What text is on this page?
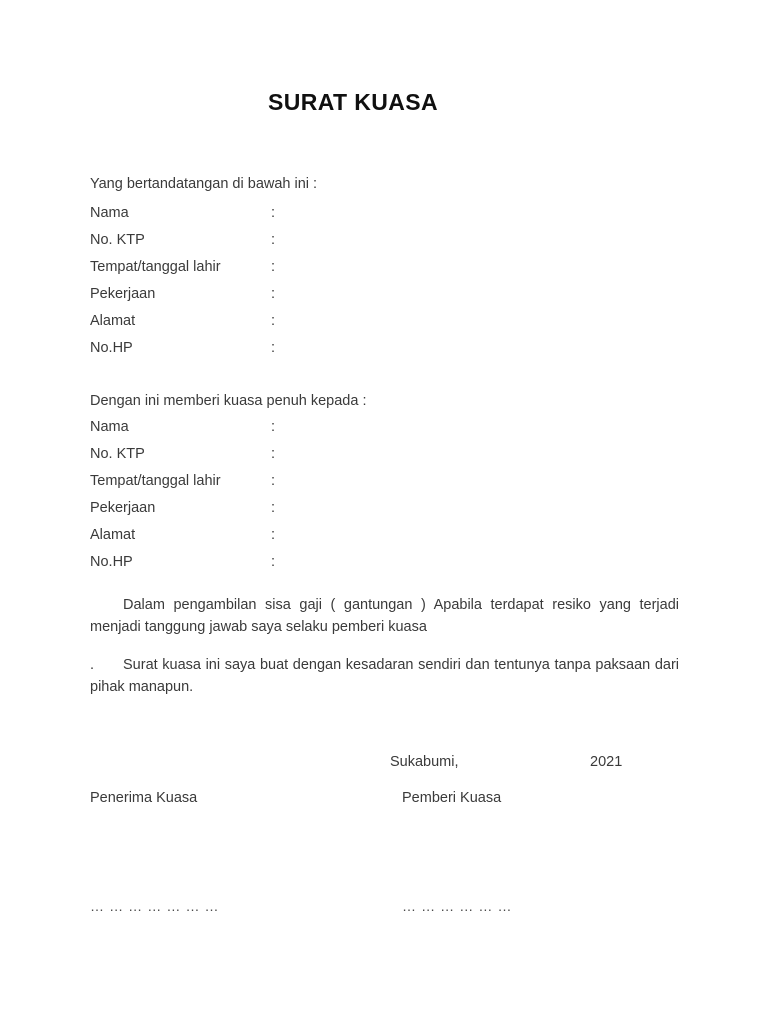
SURAT KUASA
Yang bertandatangan di bawah ini :
Nama	:
No. KTP	:
Tempat/tanggal lahir	:
Pekerjaan	:
Alamat	:
No.HP	:
Dengan ini memberi kuasa penuh kepada :
Nama	:
No. KTP	:
Tempat/tanggal lahir	:
Pekerjaan	:
Alamat	:
No.HP	:
Dalam pengambilan sisa gaji ( gantungan ) Apabila terdapat resiko yang terjadi menjadi tanggung jawab saya selaku pemberi kuasa
. Surat kuasa ini saya buat dengan kesadaran sendiri dan tentunya tanpa paksaan dari pihak manapun.
Sukabumi,	2021
Penerima Kuasa	Pemberi Kuasa
… … … … … … …	… … … … … …
